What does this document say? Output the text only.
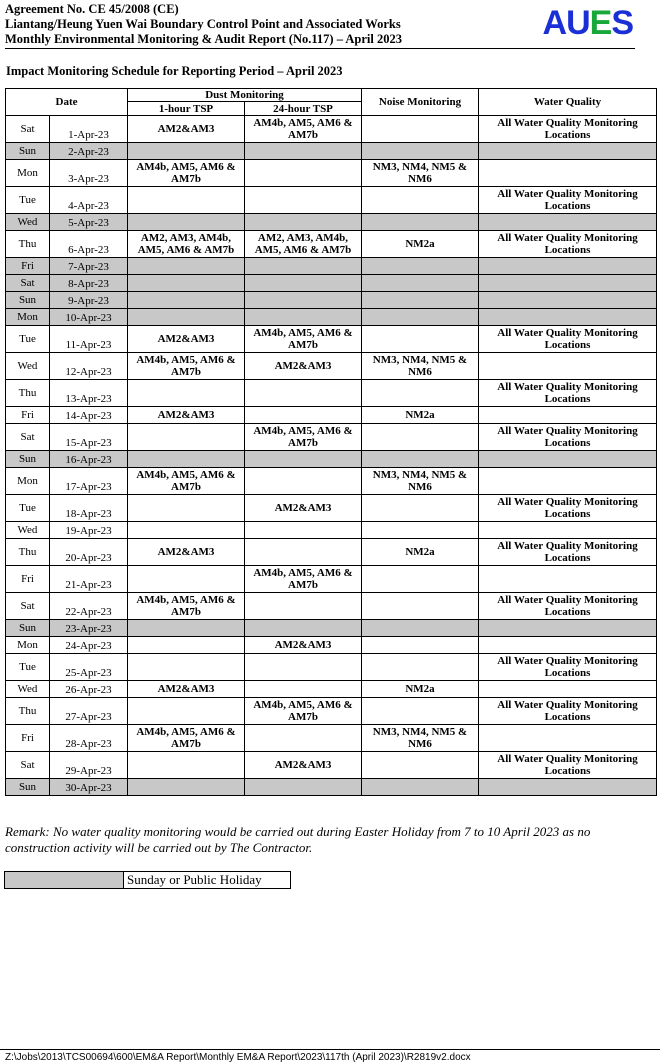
Agreement No. CE 45/2008 (CE)
Liantang/Heung Yuen Wai Boundary Control Point and Associated Works
Monthly Environmental Monitoring & Audit Report (No.117) – April 2023	AUES
Impact Monitoring Schedule for Reporting Period – April 2023
Date		Dust Monitoring		Noise Monitoring	Water Quality
		1-hour TSP	24-hour TSP		
Sat	1-Apr-23	AM2&AM3	AM4b, AM5, AM6 & AM7b		All Water Quality Monitoring Locations
Sun	2-Apr-23				
Mon	3-Apr-23	AM4b, AM5, AM6 & AM7b		NM3, NM4, NM5 & NM6	
Tue	4-Apr-23				All Water Quality Monitoring Locations
Wed	5-Apr-23				
Thu	6-Apr-23	AM2, AM3, AM4b, AM5, AM6 & AM7b	AM2, AM3, AM4b, AM5, AM6 & AM7b	NM2a	All Water Quality Monitoring Locations
Fri	7-Apr-23				
Sat	8-Apr-23				
Sun	9-Apr-23				
Mon	10-Apr-23				
Tue	11-Apr-23	AM2&AM3	AM4b, AM5, AM6 & AM7b		All Water Quality Monitoring Locations
Wed	12-Apr-23	AM4b, AM5, AM6 & AM7b	AM2&AM3	NM3, NM4, NM5 & NM6	
Thu	13-Apr-23				All Water Quality Monitoring Locations
Fri	14-Apr-23	AM2&AM3		NM2a	
Sat	15-Apr-23		AM4b, AM5, AM6 & AM7b		All Water Quality Monitoring Locations
Sun	16-Apr-23				
Mon	17-Apr-23	AM4b, AM5, AM6 & AM7b		NM3, NM4, NM5 & NM6	
Tue	18-Apr-23		AM2&AM3		All Water Quality Monitoring Locations
Wed	19-Apr-23				
Thu	20-Apr-23	AM2&AM3		NM2a	All Water Quality Monitoring Locations
Fri	21-Apr-23		AM4b, AM5, AM6 & AM7b		
Sat	22-Apr-23	AM4b, AM5, AM6 & AM7b			All Water Quality Monitoring Locations
Sun	23-Apr-23				
Mon	24-Apr-23		AM2&AM3		
Tue	25-Apr-23				All Water Quality Monitoring Locations
Wed	26-Apr-23	AM2&AM3		NM2a	
Thu	27-Apr-23		AM4b, AM5, AM6 & AM7b		All Water Quality Monitoring Locations
Fri	28-Apr-23	AM4b, AM5, AM6 & AM7b		NM3, NM4, NM5 & NM6	
Sat	29-Apr-23		AM2&AM3		All Water Quality Monitoring Locations
Sun	30-Apr-23				
Remark: No water quality monitoring would be carried out during Easter Holiday from 7 to 10 April 2023 as no construction activity will be carried out by The Contractor.
Sunday or Public Holiday
Z:\Jobs\2013\TCS00694\600\EM&A Report\Monthly EM&A Report\2023\117th (April 2023)\R2819v2.docx
